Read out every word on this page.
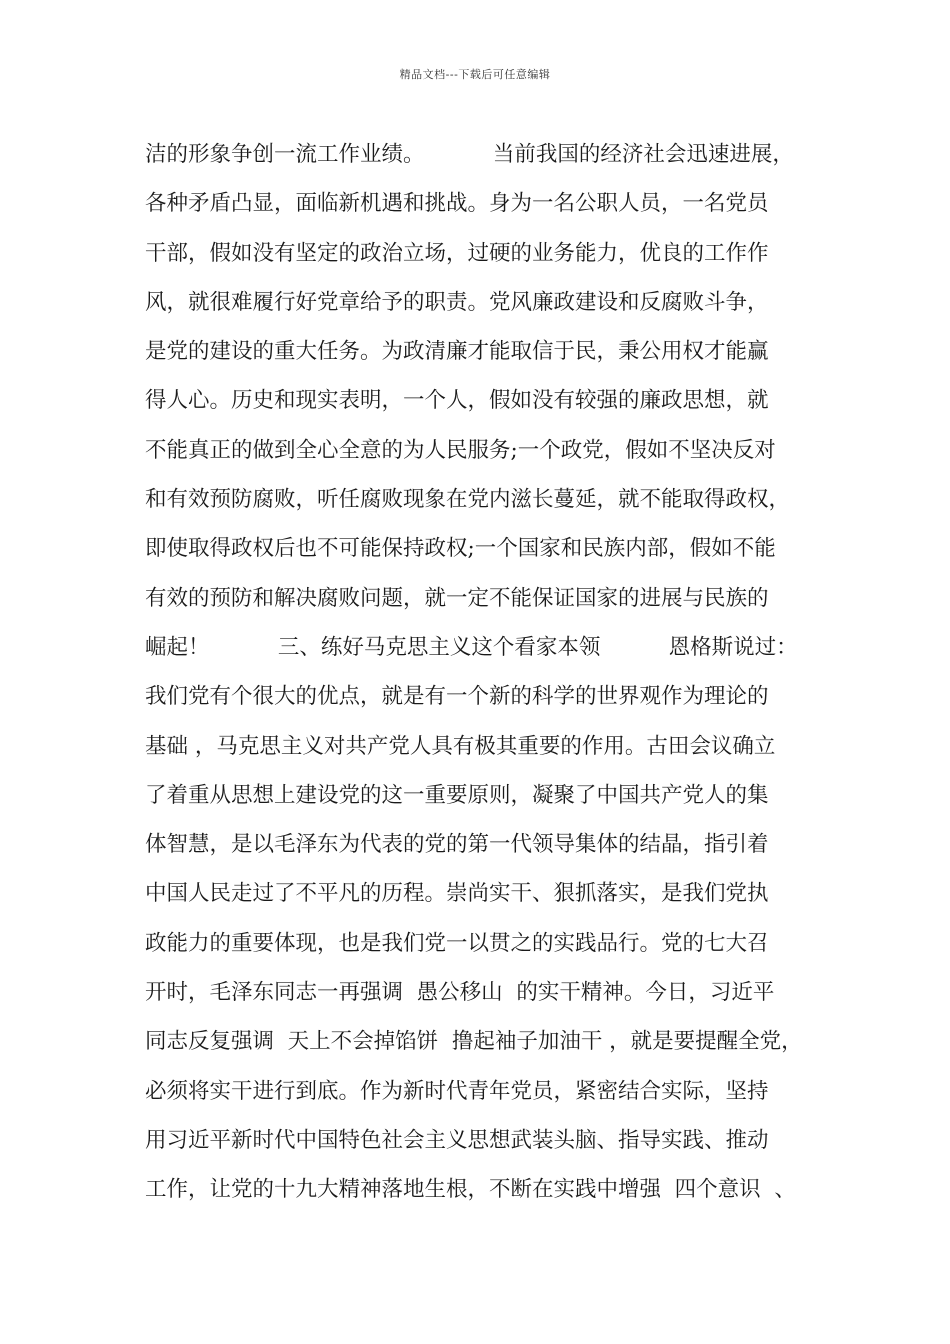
精品文档---下载后可任意编辑
洁的形象争创一流工作业绩。          当前我国的经济社会迅速进展，
各种矛盾凸显，面临新机遇和挑战。身为一名公职人员，一名党员
干部，假如没有坚定的政治立场，过硬的业务能力，优良的工作作
风，就很难履行好党章给予的职责。党风廉政建设和反腐败斗争，
是党的建设的重大任务。为政清廉才能取信于民，秉公用权才能赢
得人心。历史和现实表明，一个人，假如没有较强的廉政思想，就
不能真正的做到全心全意的为人民服务;一个政党，假如不坚决反对
和有效预防腐败，听任腐败现象在党内滋长蔓延，就不能取得政权，
即使取得政权后也不可能保持政权;一个国家和民族内部，假如不能
有效的预防和解决腐败问题，就一定不能保证国家的进展与民族的
崛起！          三、练好马克思主义这个看家本领          恩格斯说过：
我们党有个很大的优点，就是有一个新的科学的世界观作为理论的
基础 ，马克思主义对共产党人具有极其重要的作用。古田会议确立
了着重从思想上建设党的这一重要原则，凝聚了中国共产党人的集
体智慧，是以毛泽东为代表的党的第一代领导集体的结晶，指引着
中国人民走过了不平凡的历程。崇尚实干、狠抓落实，是我们党执
政能力的重要体现，也是我们党一以贯之的实践品行。党的七大召
开时，毛泽东同志一再强调  愚公移山  的实干精神。今日，习近平
同志反复强调  天上不会掉馅饼  撸起袖子加油干 ，就是要提醒全党，
必须将实干进行到底。作为新时代青年党员，紧密结合实际，坚持
用习近平新时代中国特色社会主义思想武装头脑、指导实践、推动
工作，让党的十九大精神落地生根，不断在实践中增强  四个意识  、
